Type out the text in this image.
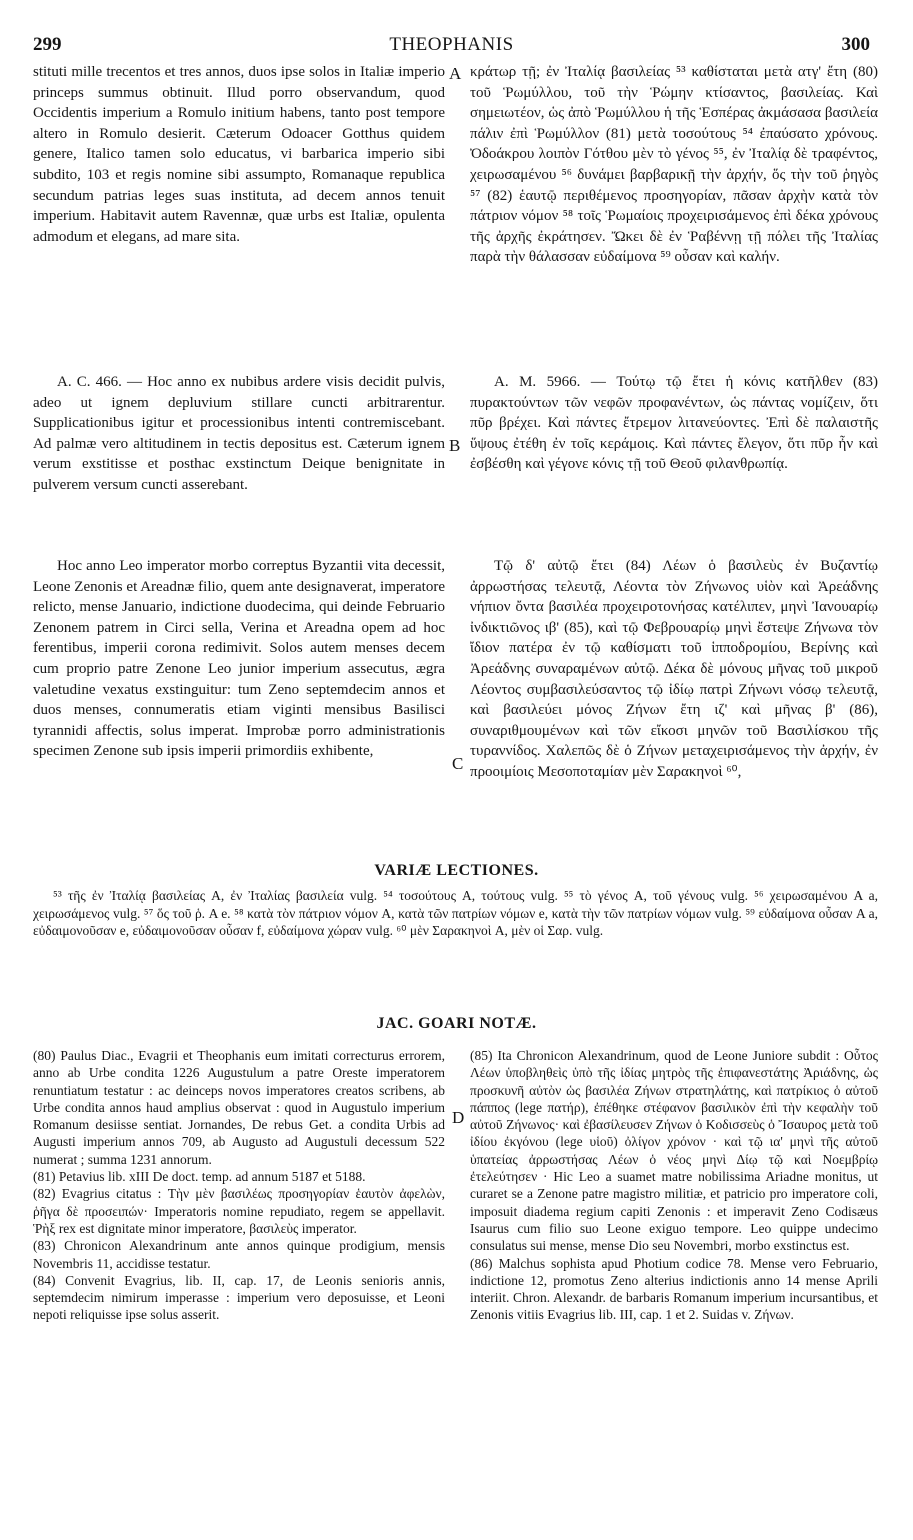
299	THEOPHANIS	300

stituti mille trecentos et tres annos, duos ipse solos in Italiæ imperio princeps summus obtinuit. Illud porro observandum, quod Occidentis imperium a Romulo initium habens, tanto post tempore altero in Romulo desierit. Cæterum Odoacer Gotthus quidem genere, Italico tamen solo educatus, vi barbarica imperio sibi subdito, 103 et regis nomine sibi assumpto, Romanaque republica secundum patrias leges suas instituta, ad decem annos tenuit imperium. Habitavit autem Ravennæ, quæ urbs est Italiæ, opulenta admodum et elegans, ad mare sita.

A. C. 466. — Hoc anno ex nubibus ardere visis decidit pulvis, adeo ut ignem depluvium stillare cuncti arbitrarentur. Supplicationibus igitur et processionibus intenti contremiscebant. Ad palmæ vero altitudinem in tectis depositus est. Cæterum ignem verum exstitisse et posthac exstinctum Deique benignitate in pulverem versum cuncti asserebant.

Hoc anno Leo imperator morbo correptus Byzantii vita decessit, Leone Zenonis et Areadnæ filio, quem ante designaverat, imperatore relicto, mense Januario, indictione duodecima, qui deinde Februario Zenonem patrem in Circi sella, Verina et Areadna opem ad hoc ferentibus, imperii corona redimivit. Solos autem menses decem cum proprio patre Zenone Leo junior imperium assecutus, ægra valetudine vexatus exstinguitur: tum Zeno septemdecim annos et duos menses, connumeratis etiam viginti mensibus Basilisci tyrannidi affectis, solus imperat. Improbæ porro administrationis specimen Zenone sub ipsis imperii primordiis exhibente,

A
B
C
D

κράτωρ τῇ; ἐν Ἰταλίᾳ βασιλείας ⁵³ καθίσταται μετὰ ατγ' ἔτη (80) τοῦ Ῥωμύλλου, τοῦ τὴν Ῥώμην κτίσαντος, βασιλείας. Καὶ σημειωτέον, ὡς ἀπὸ Ῥωμύλλου ἡ τῆς Ἑσπέρας ἀκμάσασα βασιλεία πάλιν ἐπὶ Ῥωμύλλον (81) μετὰ τοσούτους ⁵⁴ ἐπαύσατο χρόνους. Ὀδοάκρου λοιπὸν Γότθου μὲν τὸ γένος ⁵⁵, ἐν Ἰταλίᾳ δὲ τραφέντος, χειρωσαμένου ⁵⁶ δυνάμει βαρβαρικῇ τὴν ἀρχήν, ὅς τὴν τοῦ ῥηγὸς ⁵⁷ (82) ἑαυτῷ περιθέμενος προσηγορίαν, πᾶσαν ἀρχὴν κατὰ τὸν πάτριον νόμον ⁵⁸ τοῖς Ῥωμαίοις προχειρισάμενος ἐπὶ δέκα χρόνους τῆς ἀρχῆς ἐκράτησεν. Ὤκει δὲ ἐν Ῥαβέννῃ τῇ πόλει τῆς Ἰταλίας παρὰ τὴν θάλασσαν εὐδαίμονα ⁵⁹ οὖσαν καὶ καλήν.

A. M. 5966. — Τούτῳ τῷ ἔτει ἡ κόνις κατῆλθεν (83) πυρακτούντων τῶν νεφῶν προφανέντων, ὡς πάντας νομίζειν, ὅτι πῦρ βρέχει. Καὶ πάντες ἔτρεμον λιτανεύοντες. Ἐπὶ δὲ παλαιστῆς ὕψους ἐτέθη ἐν τοῖς κεράμοις. Καὶ πάντες ἔλεγον, ὅτι πῦρ ἦν καὶ ἐσβέσθη καὶ γέγονε κόνις τῇ τοῦ Θεοῦ φιλανθρωπίᾳ.

Τῷ δ' αὐτῷ ἔτει (84) Λέων ὁ βασιλεὺς ἐν Βυζαντίῳ ἀρρωστήσας τελευτᾷ, Λέοντα τὸν Ζήνωνος υἱὸν καὶ Ἀρεάδνης νήπιον ὄντα βασιλέα προχειροτονήσας κατέλιπεν, μηνὶ Ἰανουαρίῳ ἰνδικτιῶνος ιβ' (85), καὶ τῷ Φεβρουαρίῳ μηνὶ ἔστεψε Ζήνωνα τὸν ἴδιον πατέρα ἐν τῷ καθίσματι τοῦ ἱπποδρομίου, Βερίνης καὶ Ἀρεάδνης συναραμένων αὐτῷ. Δέκα δὲ μόνους μῆνας τοῦ μικροῦ Λέοντος συμβασιλεύσαντος τῷ ἰδίῳ πατρὶ Ζήνωνι νόσῳ τελευτᾷ, καὶ βασιλεύει μόνος Ζήνων ἔτη ιζ' καὶ μῆνας β' (86), συναριθμουμένων καὶ τῶν εἴκοσι μηνῶν τοῦ Βασιλίσκου τῆς τυραννίδος. Χαλεπῶς δὲ ὁ Ζήνων μεταχειρισάμενος τὴν ἀρχήν, ἐν προοιμίοις Μεσοποταμίαν μὲν Σαρακηνοὶ ⁶⁰,

VARIÆ LECTIONES.

⁵³ τῆς ἐν Ἰταλίᾳ βασιλείας A, ἐν Ἰταλίας βασιλεία vulg. ⁵⁴ τοσούτους A, τούτους vulg. ⁵⁵ τὸ γένος A, τοῦ γένους vulg. ⁵⁶ χειρωσαμένου A a, χειρωσάμενος vulg. ⁵⁷ ὅς τοῦ ῥ. A e. ⁵⁸ κατὰ τὸν πάτριον νόμον A, κατὰ τῶν πατρίων νόμων e, κατὰ τὴν τῶν πατρίων νόμων vulg. ⁵⁹ εὐδαίμονα οὖσαν A a, εὐδαιμονοῦσαν e, εὐδαιμονοῦσαν οὖσαν f, εὐδαίμονα χώραν vulg. ⁶⁰ μὲν Σαρακηνοὶ A, μὲν οἱ Σαρ. vulg.

JAC. GOARI NOTÆ.

(80) Paulus Diac., Evagrii et Theophanis eum imitati correcturus errorem, anno ab Urbe condita 1226 Augustulum a patre Oreste imperatorem renuntiatum testatur : ac deinceps novos imperatores creatos scribens, ab Urbe condita annos haud amplius observat : quod in Augustulo imperium Romanum desiisse sentiat. Jornandes, De rebus Get. a condita Urbis ad Augusti imperium annos 709, ab Augusto ad Augustuli decessum 522 numerat ; summa 1231 annorum.

(81) Petavius lib. xIII De doct. temp. ad annum 5187 et 5188.

(82) Evagrius citatus : Τὴν μὲν βασιλέως προσηγορίαν ἑαυτὸν ἀφελὼν, ῥῆγα δὲ προσειπών· Imperatoris nomine repudiato, regem se appellavit. Ῥὴξ rex est dignitate minor imperatore, βασιλεὺς imperator.

(83) Chronicon Alexandrinum ante annos quinque prodigium, mensis Novembris 11, accidisse testatur.

(84) Convenit Evagrius, lib. II, cap. 17, de Leonis senioris annis, septemdecim nimirum imperasse : imperium vero deposuisse, et Leoni nepoti reliquisse ipse solus asserit.

(85) Ita Chronicon Alexandrinum, quod de Leone Juniore subdit : Οὗτος Λέων ὑποβληθεὶς ὑπὸ τῆς ἰδίας μητρὸς τῆς ἐπιφανεστάτης Ἀριάδνης, ὡς προσκυνῆ αὐτὸν ὡς βασιλέα Ζήνων στρατηλάτης, καὶ πατρίκιος ὁ αὐτοῦ πάππος (lege πατήρ), ἐπέθηκε στέφανον βασιλικὸν ἐπὶ τὴν κεφαλὴν τοῦ αὐτοῦ Ζήνωνος· καὶ ἐβασίλευσεν Ζήνων ὁ Κοδισσεὺς ὁ Ἴσαυρος μετὰ τοῦ ἰδίου ἐκγόνου (lege υἱοῦ) ὀλίγον χρόνον · καὶ τῷ ια' μηνὶ τῆς αὐτοῦ ὑπατείας ἀρρωστήσας Λέων ὁ νέος μηνὶ Δίῳ τῷ καὶ Νοεμβρίῳ ἐτελεύτησεν · Hic Leo a suamet matre nobilissima Ariadne monitus, ut curaret se a Zenone patre magistro militiæ, et patricio pro imperatore coli, imposuit diadema regium capiti Zenonis : et imperavit Zeno Codisæus Isaurus cum filio suo Leone exiguo tempore. Leo quippe undecimo consulatus sui mense, mense Dio seu Novembri, morbo exstinctus est.

(86) Malchus sophista apud Photium codice 78. Mense vero Februario, indictione 12, promotus Zeno alterius indictionis anno 14 mense Aprili interiit. Chron. Alexandr. de barbaris Romanum imperium incursantibus, et Zenonis vitiis Evagrius lib. III, cap. 1 et 2. Suidas v. Ζήνων.
